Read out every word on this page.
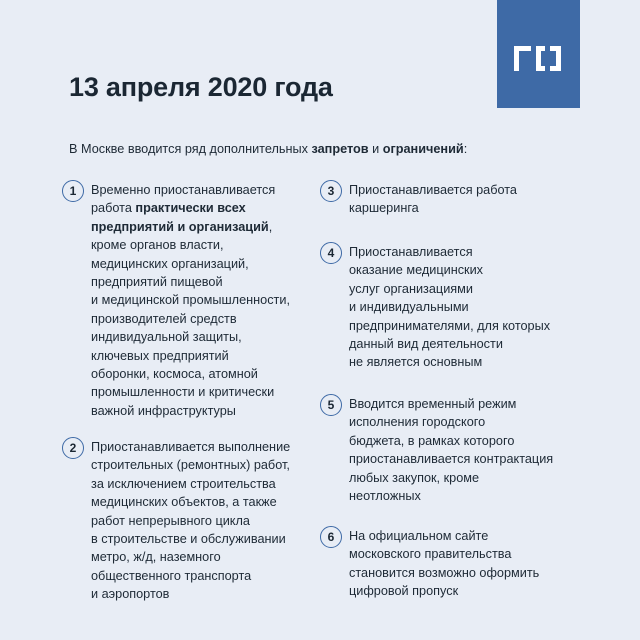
13 апреля 2020 года
В Москве вводится ряд дополнительных запретов и ограничений:
1	Временно приостанавливается
работа практически всех
предприятий и организаций,
кроме органов власти,
медицинских организаций,
предприятий пищевой
и медицинской промышленности,
производителей средств
индивидуальной защиты,
ключевых предприятий
оборонки, космоса, атомной
промышленности и критически
важной инфраструктуры
2	Приостанавливается выполнение
строительных (ремонтных) работ,
за исключением строительства
медицинских объектов, а также
работ непрерывного цикла
в строительстве и обслуживании
метро, ж/д, наземного
общественного транспорта
и аэропортов
3	Приостанавливается работа
каршеринга
4	Приостанавливается
оказание медицинских
услуг организациями
и индивидуальными
предпринимателями, для которых
данный вид деятельности
не является основным
5	Вводится временный режим
исполнения городского
бюджета, в рамках которого
приостанавливается контрактация
любых закупок, кроме
неотложных
6	На официальном сайте
московского правительства
становится возможно оформить
цифровой пропуск
